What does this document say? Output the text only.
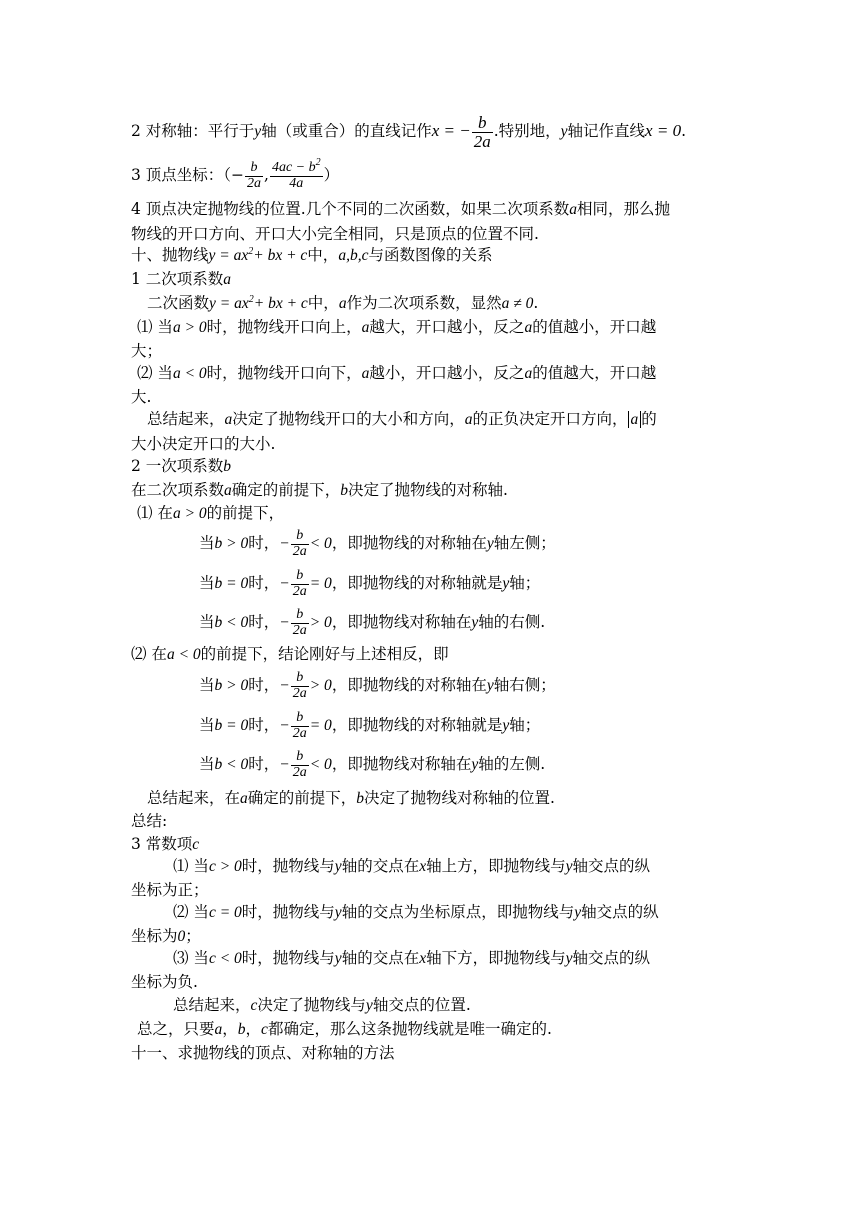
2 对称轴：平行于y轴（或重合）的直线记作x = − $\frac{b}{2a}$ .特别地，y轴记作直线x = 0.
3 顶点坐标：（− $\frac{b}{2a}$ , $\frac{4ac - b^2}{4a}$ ）
4 顶点决定抛物线的位置.几个不同的二次函数，如果二次项系数a相同，那么抛
物线的开口方向、开口大小完全相同，只是顶点的位置不同.
十、抛物线$y = ax^2+$ bx + c中，a,b,c与函数图像的关系
1 二次项系数a
二次函数$y = ax^2+$ bx + c中，a作为二次项系数，显然a ≠ 0.
⑴ 当a > 0时，抛物线开口向上，a越大，开口越小，反之a的值越小，开口越
大；
⑵ 当a < 0时，抛物线开口向下，a越小，开口越小，反之a的值越大，开口越
大.
总结起来，a决定了抛物线开口的大小和方向，a的正负决定开口方向， a 的
大小决定开口的大小.
2 一次项系数b
在二次项系数a确定的前提下，b决定了抛物线的对称轴.
⑴ 在a > 0的前提下，
当b > 0时，− $\frac{b}{2a} < 0$，即抛物线的对称轴在y轴左侧；
当b = 0时，− $\frac{b}{2a} = 0$，即抛物线的对称轴就是y轴；
当b < 0时，− $\frac{b}{2a} > 0$，即抛物线对称轴在y轴的右侧.
⑵ 在a < 0的前提下，结论刚好与上述相反，即
当b > 0时，− $\frac{b}{2a} > 0$，即抛物线的对称轴在y轴右侧；
当b = 0时，− $\frac{b}{2a} = 0$，即抛物线的对称轴就是y轴；
当b < 0时，− $\frac{b}{2a} < 0$，即抛物线对称轴在y轴的左侧.
总结起来，在a确定的前提下，b决定了抛物线对称轴的位置.
总结:
3 常数项c
⑴ 当c > 0时，抛物线与y轴的交点在x轴上方，即抛物线与y轴交点的纵
坐标为正；
⑵ 当c = 0时，抛物线与y轴的交点为坐标原点，即抛物线与y轴交点的纵
坐标为0；
⑶ 当c < 0时，抛物线与y轴的交点在x轴下方，即抛物线与y轴交点的纵
坐标为负.
总结起来，c决定了抛物线与y轴交点的位置.
总之，只要a，b，c都确定，那么这条抛物线就是唯一确定的.
十一、求抛物线的顶点、对称轴的方法
